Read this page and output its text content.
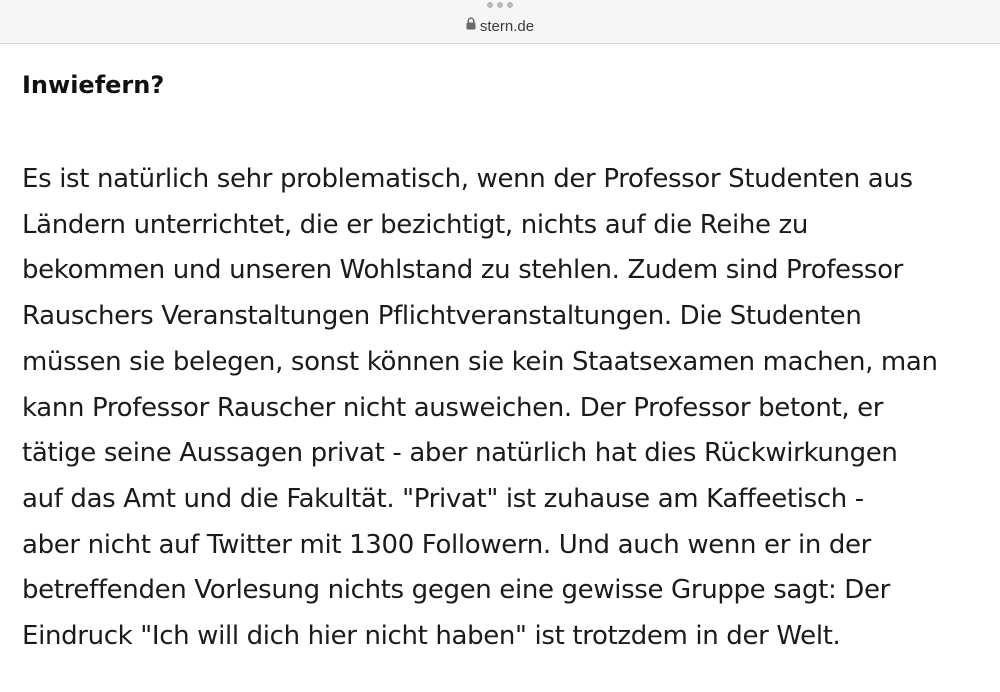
stern.de
Inwiefern?

Es ist natürlich sehr problematisch, wenn der Professor Studenten aus
Ländern unterrichtet, die er bezichtigt, nichts auf die Reihe zu
bekommen und unseren Wohlstand zu stehlen. Zudem sind Professor
Rauschers Veranstaltungen Pflichtveranstaltungen. Die Studenten
müssen sie belegen, sonst können sie kein Staatsexamen machen, man
kann Professor Rauscher nicht ausweichen. Der Professor betont, er
tätige seine Aussagen privat - aber natürlich hat dies Rückwirkungen
auf das Amt und die Fakultät. "Privat" ist zuhause am Kaffeetisch -
aber nicht auf Twitter mit 1300 Followern. Und auch wenn er in der
betreffenden Vorlesung nichts gegen eine gewisse Gruppe sagt: Der
Eindruck "Ich will dich hier nicht haben" ist trotzdem in der Welt.
